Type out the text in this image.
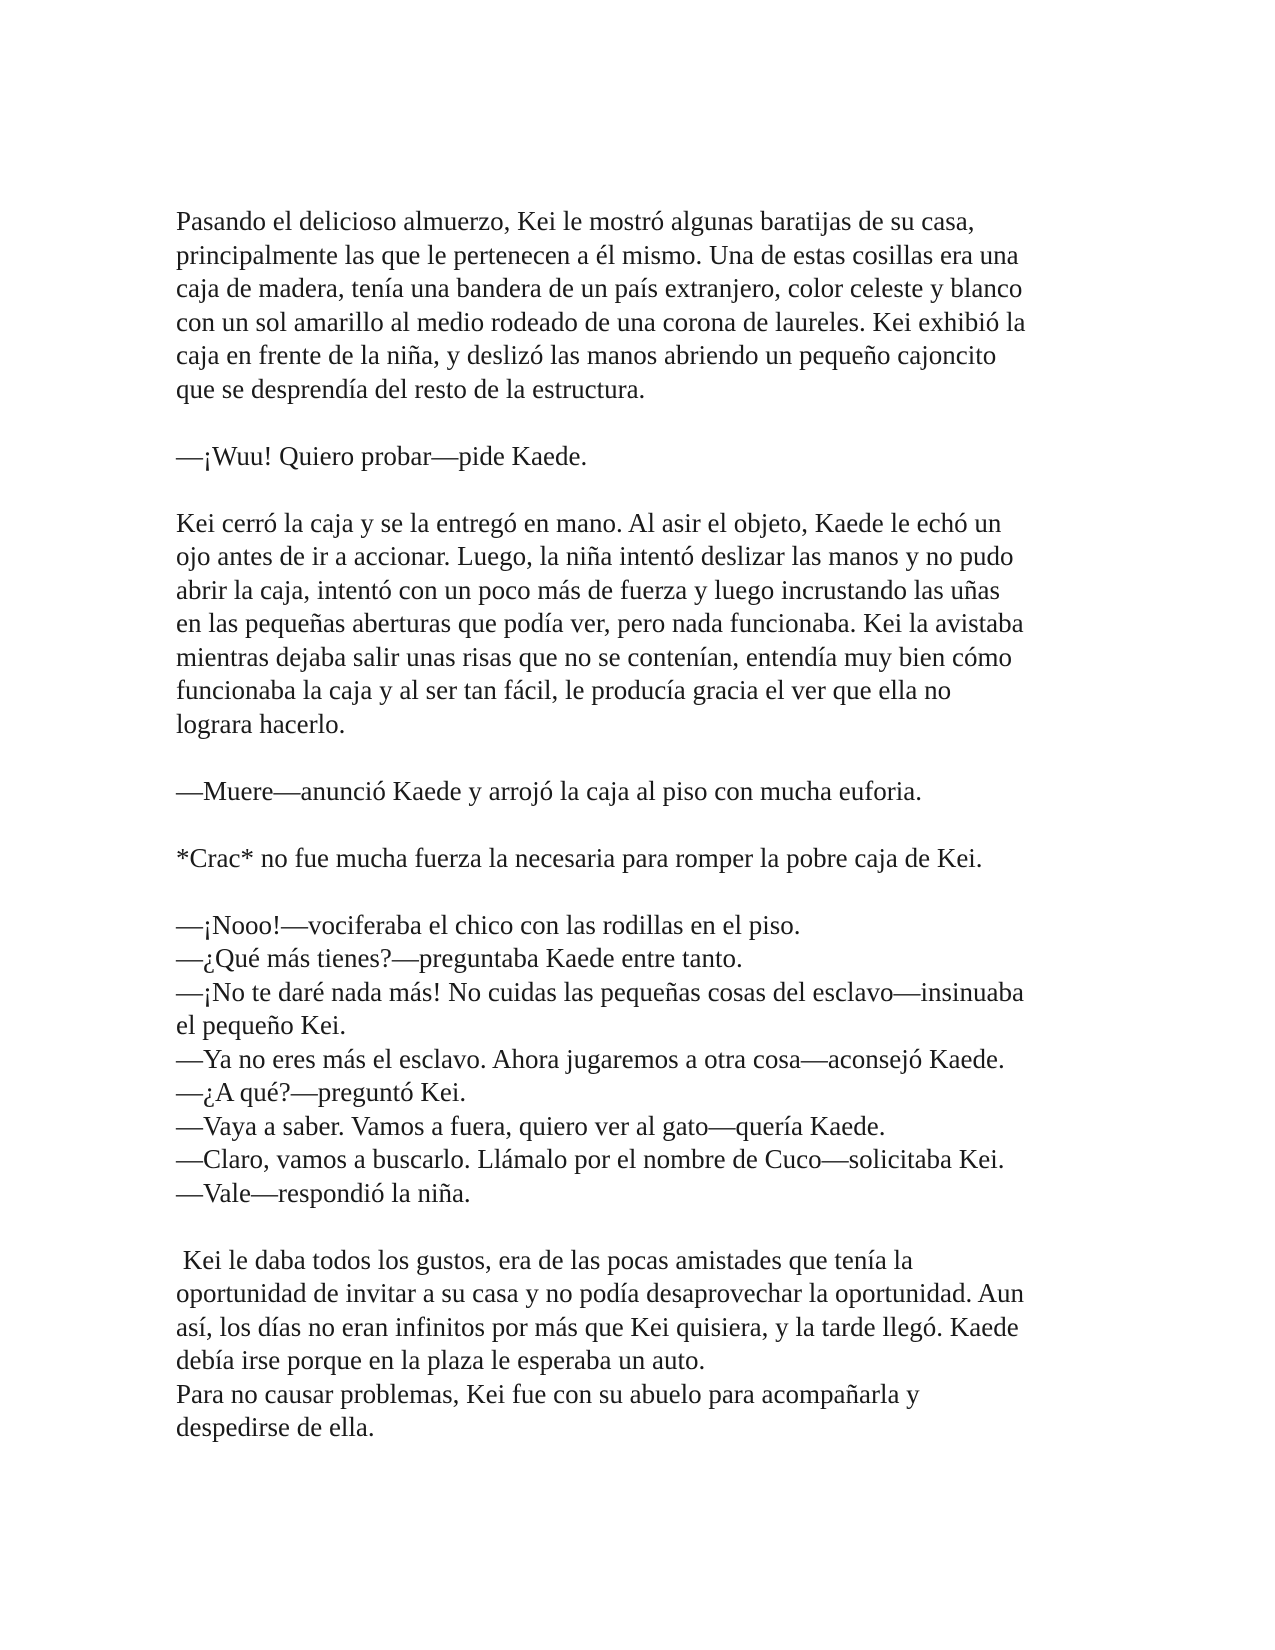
Pasando el delicioso almuerzo, Kei le mostró algunas baratijas de su casa,
principalmente las que le pertenecen a él mismo. Una de estas cosillas era una
caja de madera, tenía una bandera de un país extranjero, color celeste y blanco
con un sol amarillo al medio rodeado de una corona de laureles. Kei exhibió la
caja en frente de la niña, y deslizó las manos abriendo un pequeño cajoncito
que se desprendía del resto de la estructura.

—¡Wuu! Quiero probar—pide Kaede.

Kei cerró la caja y se la entregó en mano. Al asir el objeto, Kaede le echó un
ojo antes de ir a accionar. Luego, la niña intentó deslizar las manos y no pudo
abrir la caja, intentó con un poco más de fuerza y luego incrustando las uñas
en las pequeñas aberturas que podía ver, pero nada funcionaba. Kei la avistaba
mientras dejaba salir unas risas que no se contenían, entendía muy bien cómo
funcionaba la caja y al ser tan fácil, le producía gracia el ver que ella no
lograra hacerlo.

—Muere—anunció Kaede y arrojó la caja al piso con mucha euforia.

*Crac* no fue mucha fuerza la necesaria para romper la pobre caja de Kei.

—¡Nooo!—vociferaba el chico con las rodillas en el piso.
—¿Qué más tienes?—preguntaba Kaede entre tanto.
—¡No te daré nada más! No cuidas las pequeñas cosas del esclavo—insinuaba
el pequeño Kei.
—Ya no eres más el esclavo. Ahora jugaremos a otra cosa—aconsejó Kaede.
—¿A qué?—preguntó Kei.
—Vaya a saber. Vamos a fuera, quiero ver al gato—quería Kaede.
—Claro, vamos a buscarlo. Llámalo por el nombre de Cuco—solicitaba Kei.
—Vale—respondió la niña.

Kei le daba todos los gustos, era de las pocas amistades que tenía la
oportunidad de invitar a su casa y no podía desaprovechar la oportunidad. Aun
así, los días no eran infinitos por más que Kei quisiera, y la tarde llegó. Kaede
debía irse porque en la plaza le esperaba un auto.
Para no causar problemas, Kei fue con su abuelo para acompañarla y
despedirse de ella.
